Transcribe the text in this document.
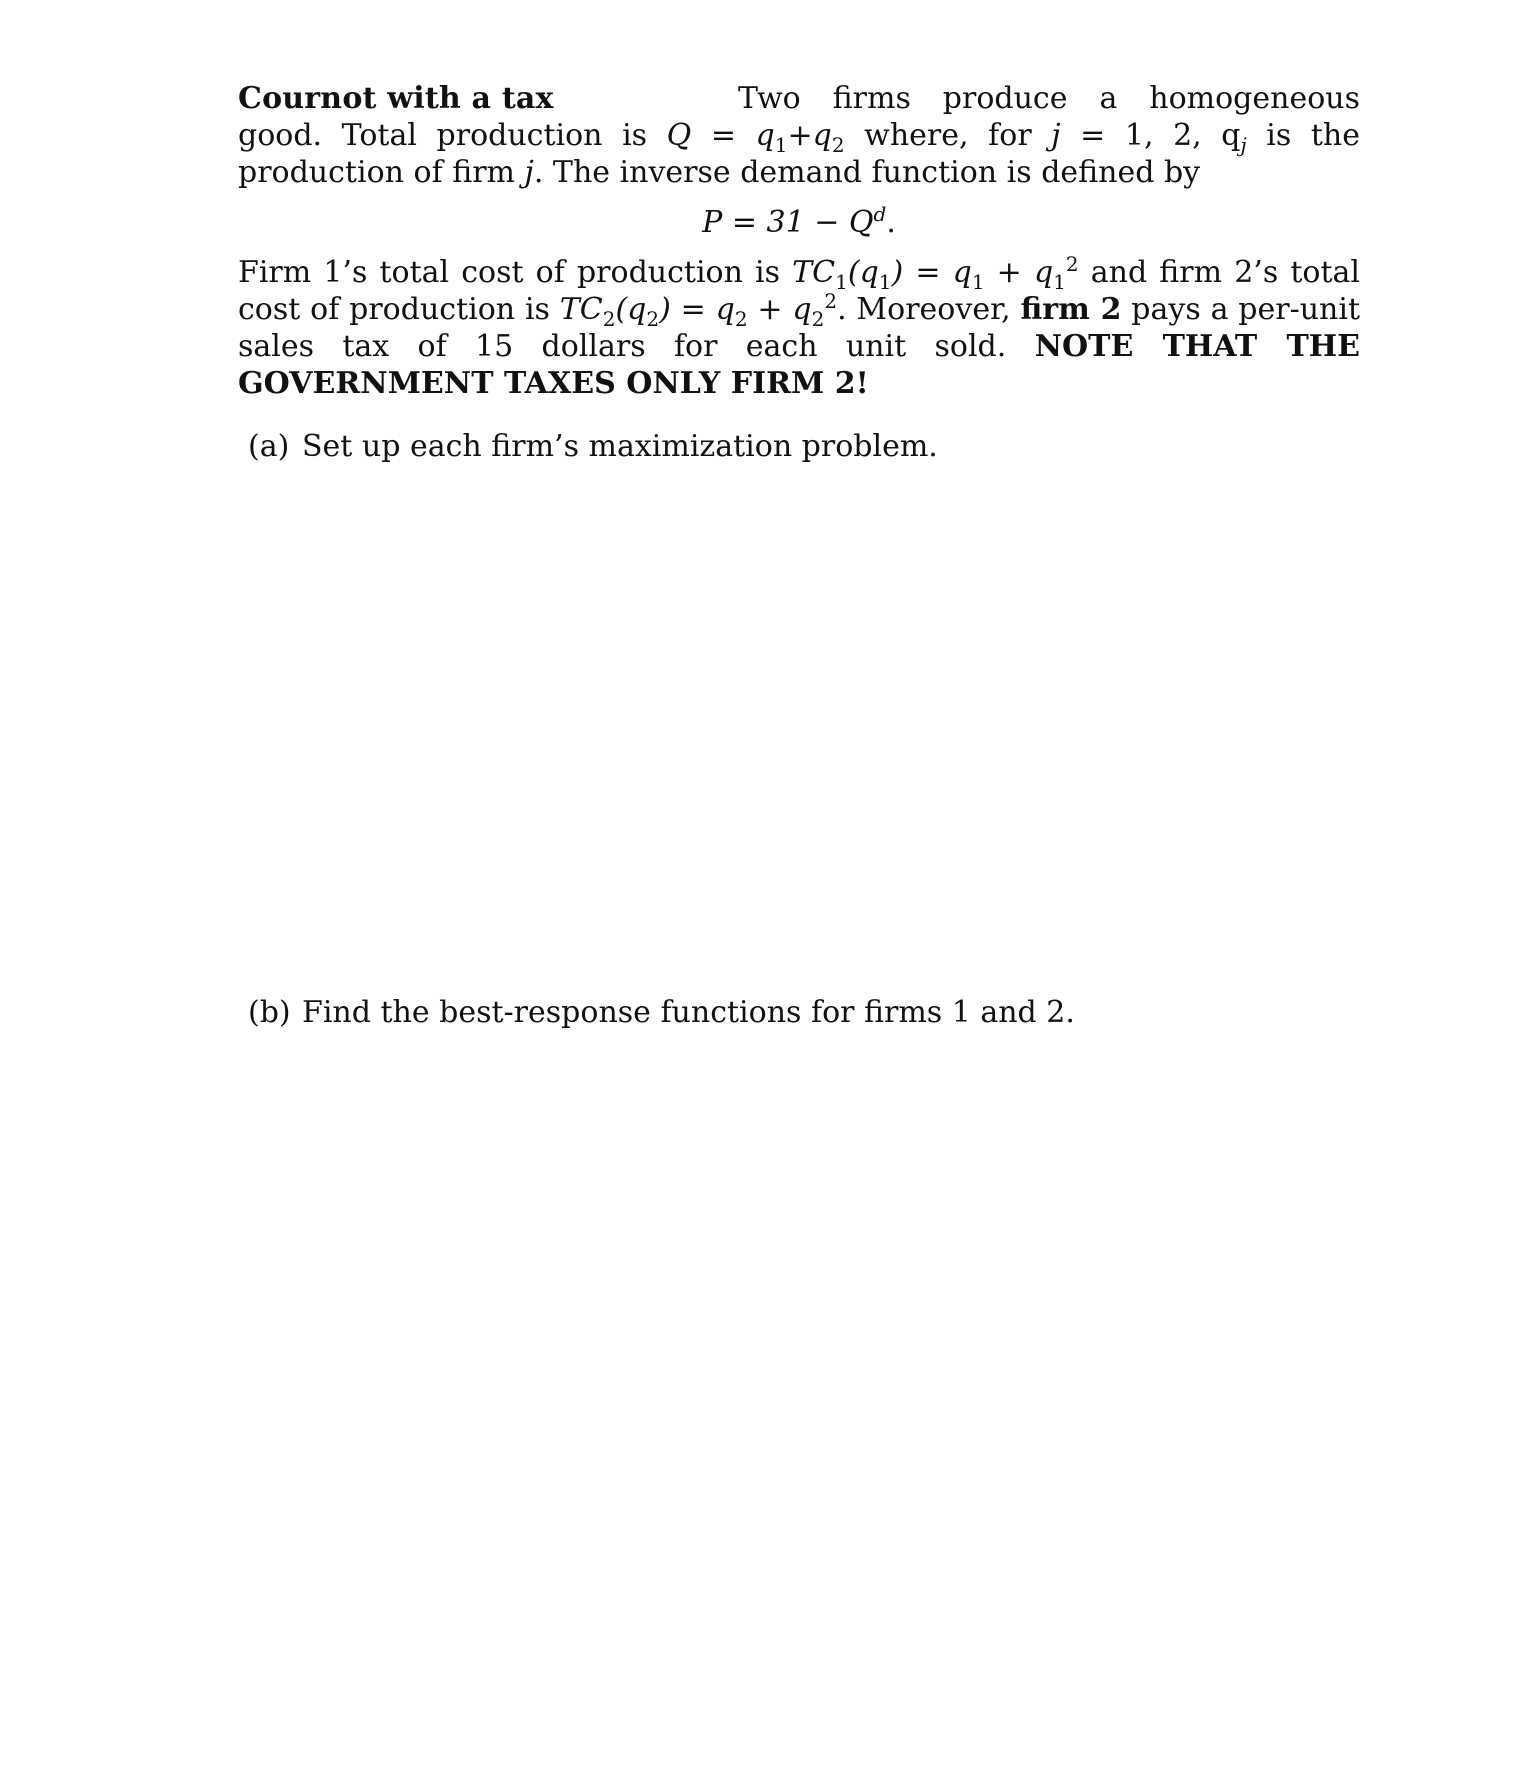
Cournot with a tax	Two firms produce a homogeneous good. Total production is $Q = q_1+q_2$ where, for j = 1, 2, $q_j$ is the production of firm j. The inverse demand function is defined by

$P = 31 - Q^d$.

Firm 1’s total cost of production is $TC_1(q_1) = q_1 + q_1^2$ and firm 2’s total cost of production is $TC_2(q_2) = q_2 + q_2^2$. Moreover, firm 2 pays a per-unit sales tax of 15 dollars for each unit sold. NOTE THAT THE GOVERNMENT TAXES ONLY FIRM 2!

(a) Set up each firm’s maximization problem.
(b) Find the best-response functions for firms 1 and 2.
